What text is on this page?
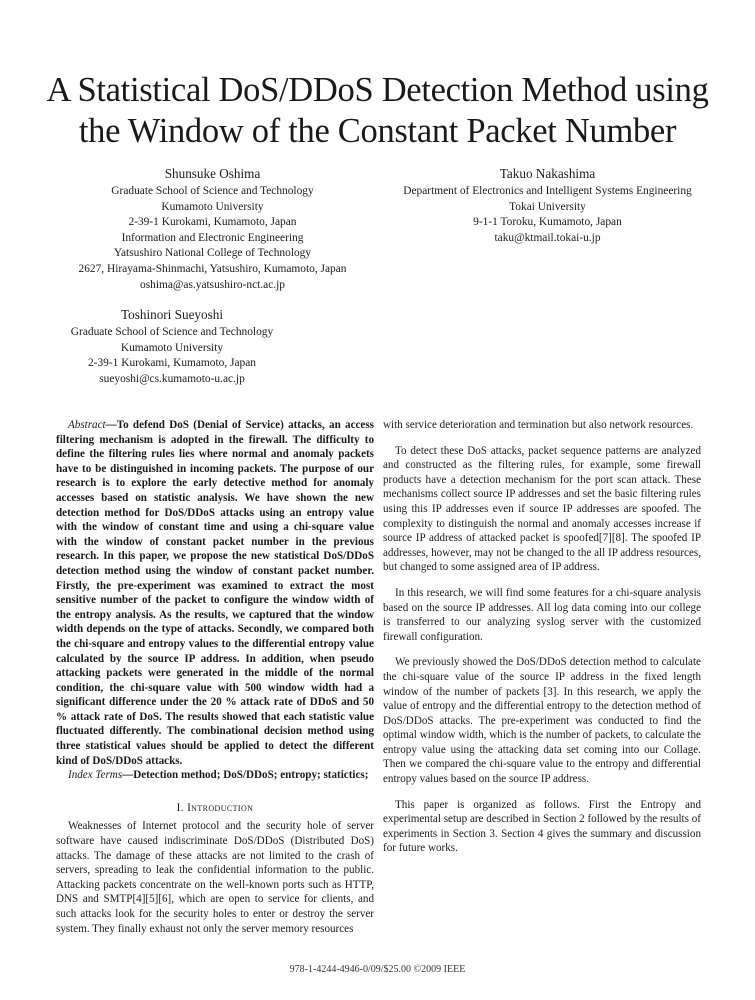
A Statistical DoS/DDoS Detection Method using
the Window of the Constant Packet Number
Shunsuke Oshima
Graduate School of Science and Technology
Kumamoto University
2-39-1 Kurokami, Kumamoto, Japan
Information and Electronic Engineering
Yatsushiro National College of Technology
2627, Hirayama-Shinmachi, Yatsushiro, Kumamoto, Japan
oshima@as.yatsushiro-nct.ac.jp
Takuo Nakashima
Department of Electronics and Intelligent Systems Engineering
Tokai University
9-1-1 Toroku, Kumamoto, Japan
taku@ktmail.tokai-u.jp
Toshinori Sueyoshi
Graduate School of Science and Technology
Kumamoto University
2-39-1 Kurokami, Kumamoto, Japan
sueyoshi@cs.kumamoto-u.ac.jp

Abstract—To defend DoS (Denial of Service) attacks, an access filtering mechanism is adopted in the firewall. The difficulty to define the filtering rules lies where normal and anomaly packets have to be distinguished in incoming packets. The purpose of our research is to explore the early detective method for anomaly accesses based on statistic analysis. We have shown the new detection method for DoS/DDoS attacks using an entropy value with the window of constant time and using a chi-square value with the window of constant packet number in the previous research. In this paper, we propose the new statistical DoS/DDoS detection method using the window of constant packet number. Firstly, the pre-experiment was examined to extract the most sensitive number of the packet to configure the window width of the entropy analysis. As the results, we captured that the window width depends on the type of attacks. Secondly, we compared both the chi-square and entropy values to the differential entropy value calculated by the source IP address. In addition, when pseudo attacking packets were generated in the middle of the normal condition, the chi-square value with 500 window width had a significant difference under the 20 % attack rate of DDoS and 50 % attack rate of DoS. The results showed that each statistic value fluctuated differently. The combinational decision method using three statistical values should be applied to detect the different kind of DoS/DDoS attacks.

Index Terms—Detection method; DoS/DDoS; entropy; statictics;

I. Introduction

Weaknesses of Internet protocol and the security hole of server software have caused indiscriminate DoS/DDoS (Distributed DoS) attacks. The damage of these attacks are not limited to the crash of servers, spreading to leak the confidential information to the public. Attacking packets concentrate on the well-known ports such as HTTP, DNS and SMTP[4][5][6], which are open to service for clients, and such attacks look for the security holes to enter or destroy the server system. They finally exhaust not only the server memory resources

with service deterioration and termination but also network resources.

To detect these DoS attacks, packet sequence patterns are analyzed and constructed as the filtering rules, for example, some firewall products have a detection mechanism for the port scan attack. These mechanisms collect source IP addresses and set the basic filtering rules using this IP addresses even if source IP addresses are spoofed. The complexity to distinguish the normal and anomaly accesses increase if source IP address of attacked packet is spoofed[7][8]. The spoofed IP addresses, however, may not be changed to the all IP address resources, but changed to some assigned area of IP address.

In this research, we will find some features for a chi-square analysis based on the source IP addresses. All log data coming into our college is transferred to our analyzing syslog server with the customized firewall configuration.

We previously showed the DoS/DDoS detection method to calculate the chi-square value of the source IP address in the fixed length window of the number of packets [3]. In this research, we apply the value of entropy and the differential entropy to the detection method of DoS/DDoS attacks. The pre-experiment was conducted to find the optimal window width, which is the number of packets, to calculate the entropy value using the attacking data set coming into our Collage. Then we compared the chi-square value to the entropy and differential entropy values based on the source IP address.

This paper is organized as follows. First the Entropy and experimental setup are described in Section 2 followed by the results of experiments in Section 3. Section 4 gives the summary and discussion for future works.

978-1-4244-4946-0/09/$25.00 ©2009 IEEE
